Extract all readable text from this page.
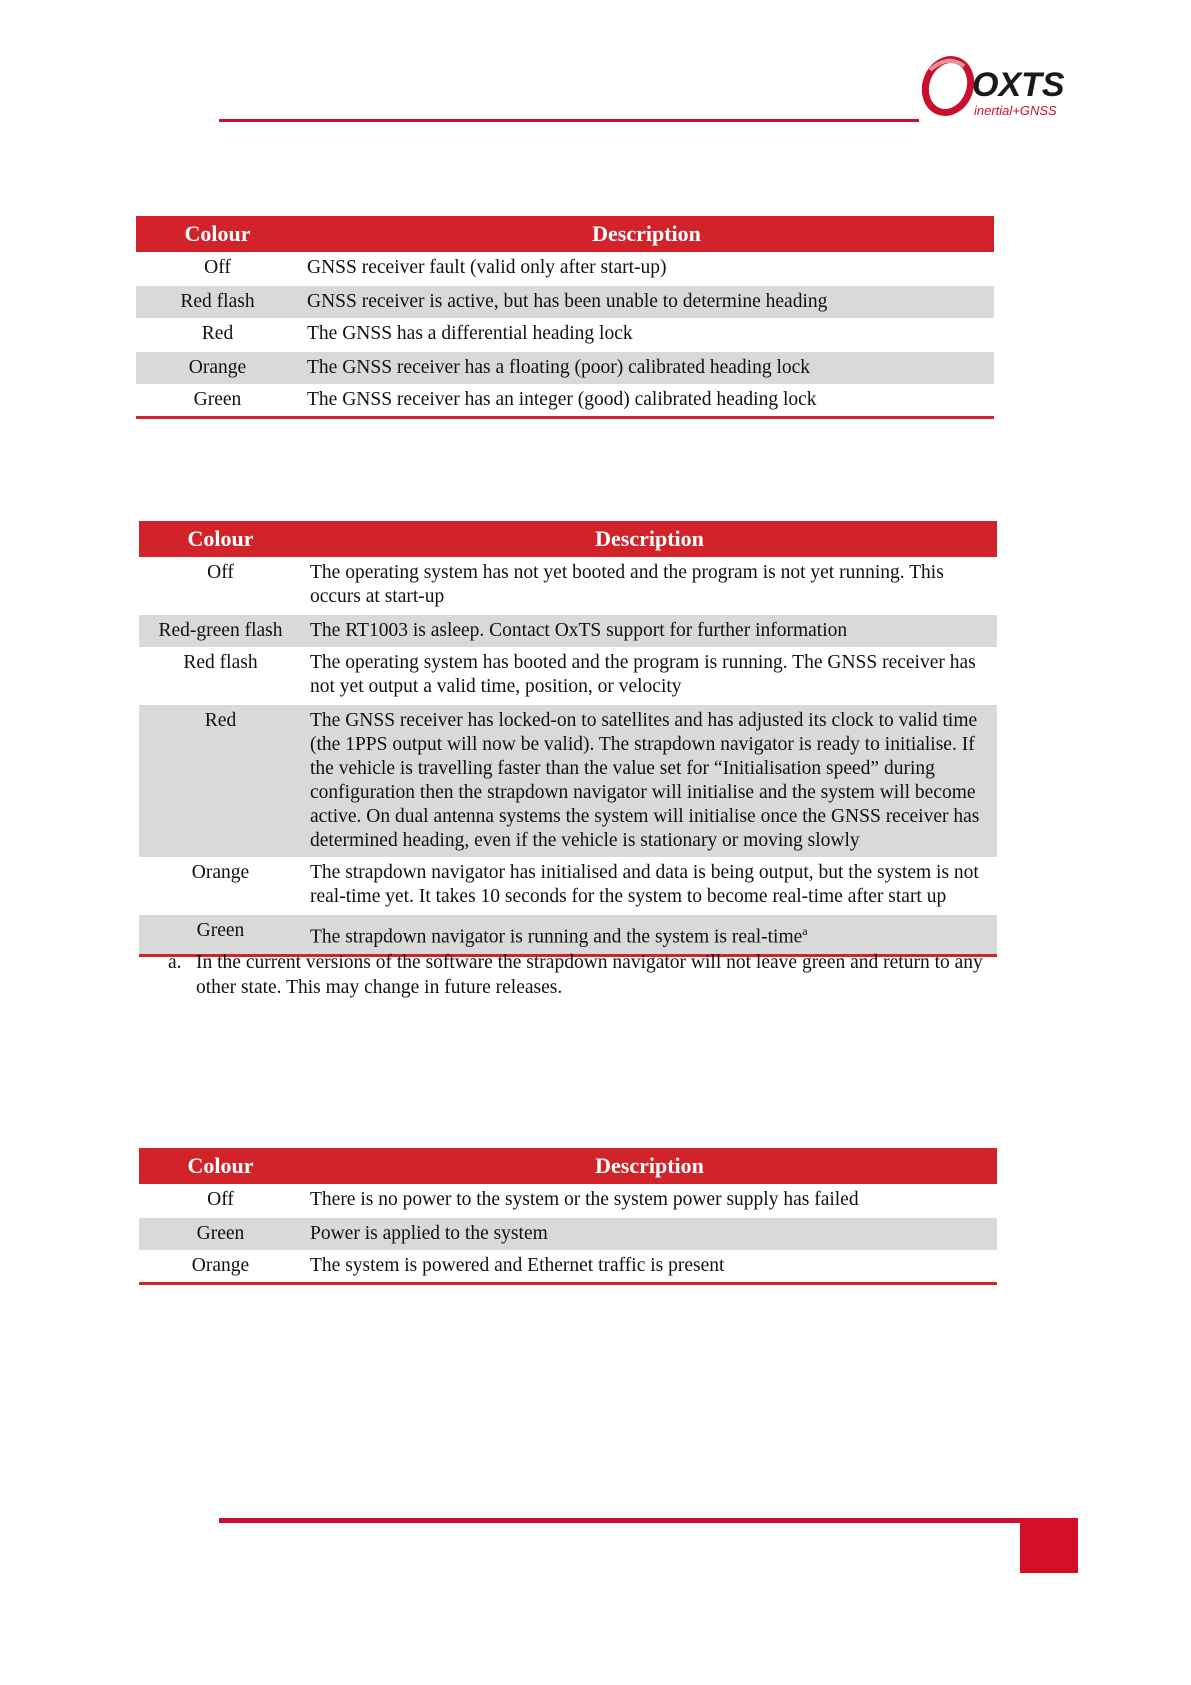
OXTS
inertial+GNSS
Colour	Description
Off	GNSS receiver fault (valid only after start-up)
Red flash	GNSS receiver is active, but has been unable to determine heading
Red	The GNSS has a differential heading lock
Orange	The GNSS receiver has a floating (poor) calibrated heading lock
Green	The GNSS receiver has an integer (good) calibrated heading lock
Colour	Description
Off	The operating system has not yet booted and the program is not yet running. This occurs at start-up
Red-green flash	The RT1003 is asleep. Contact OxTS support for further information
Red flash	The operating system has booted and the program is running. The GNSS receiver has not yet output a valid time, position, or velocity
Red	The GNSS receiver has locked-on to satellites and has adjusted its clock to valid time (the 1PPS output will now be valid). The strapdown navigator is ready to initialise. If the vehicle is travelling faster than the value set for “Initialisation speed” during configuration then the strapdown navigator will initialise and the system will become active. On dual antenna systems the system will initialise once the GNSS receiver has determined heading, even if the vehicle is stationary or moving slowly
Orange	The strapdown navigator has initialised and data is being output, but the system is not real-time yet. It takes 10 seconds for the system to become real-time after start up
Green	The strapdown navigator is running and the system is real-time$^a$
a. In the current versions of the software the strapdown navigator will not leave green and return to any other state. This may change in future releases.
Colour	Description
Off	There is no power to the system or the system power supply has failed
Green	Power is applied to the system
Orange	The system is powered and Ethernet traffic is present
